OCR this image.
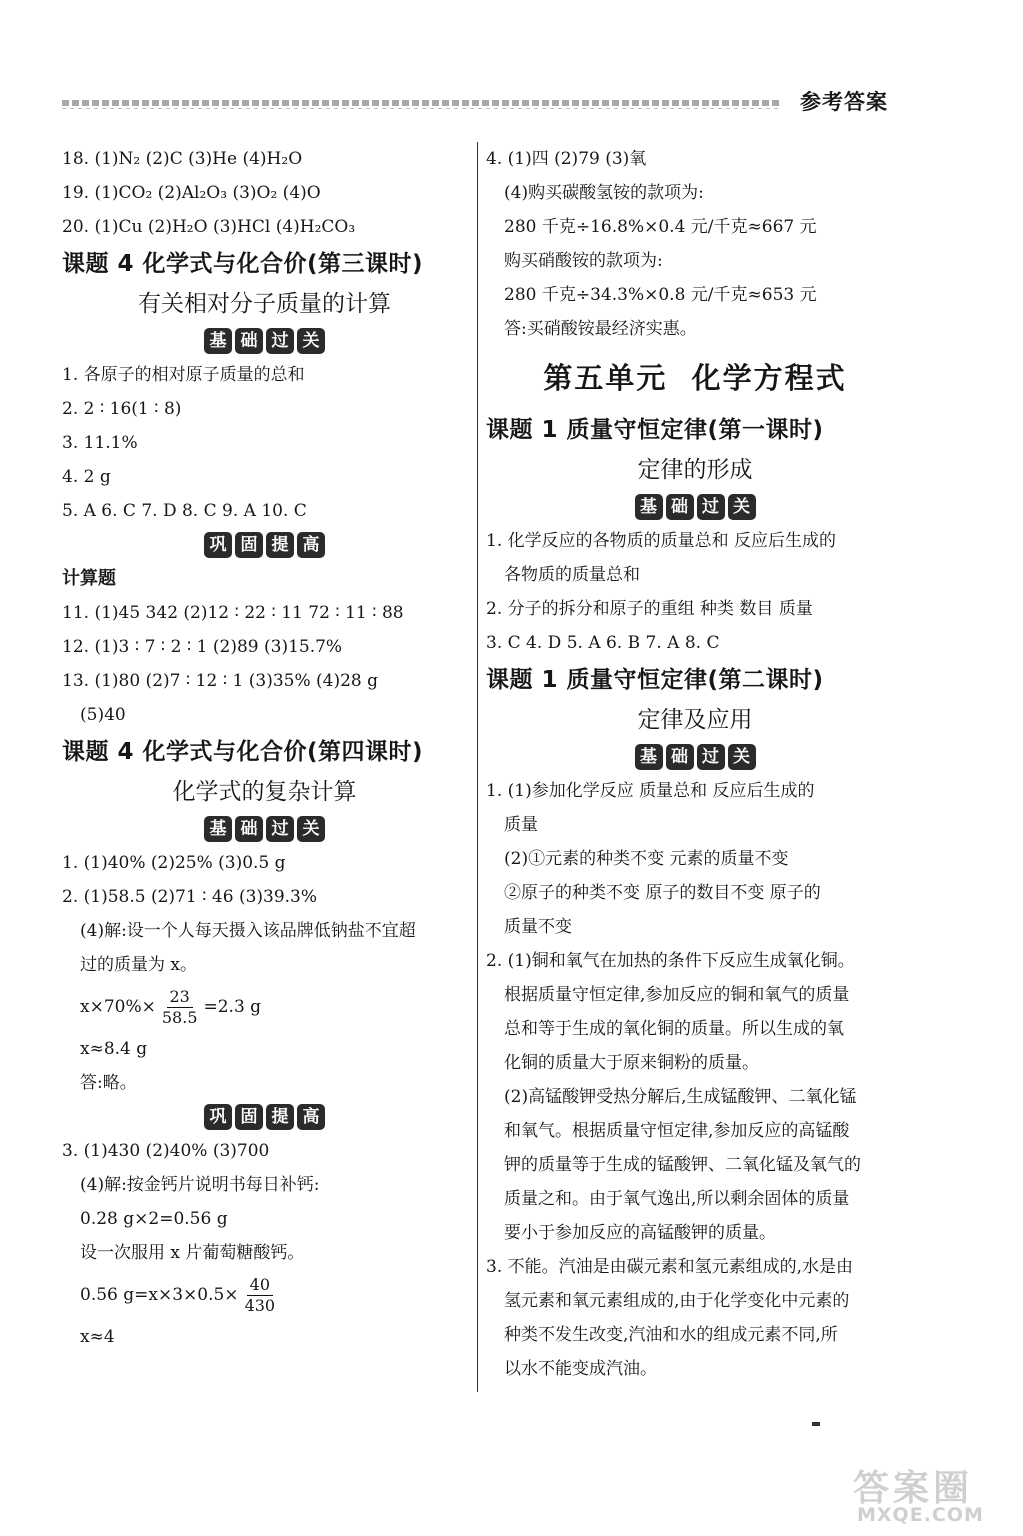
参考答案
18. (1)N₂ (2)C (3)He (4)H₂O
19. (1)CO₂ (2)Al₂O₃ (3)O₂ (4)O
20. (1)Cu (2)H₂O (3)HCl (4)H₂CO₃
课题 4 化学式与化合价(第三课时)
有关相对分子质量的计算
基 础 过 关
1. 各原子的相对原子质量的总和
2. 2 ∶ 16(1 ∶ 8)
3. 11.1%
4. 2 g
5. A 6. C 7. D 8. C 9. A 10. C
巩 固 提 高
计算题
11. (1)45 342 (2)12 ∶ 22 ∶ 11 72 ∶ 11 ∶ 88
12. (1)3 ∶ 7 ∶ 2 ∶ 1 (2)89 (3)15.7%
13. (1)80 (2)7 ∶ 12 ∶ 1 (3)35% (4)28 g
(5)40
课题 4 化学式与化合价(第四课时)
化学式的复杂计算
基 础 过 关
1. (1)40% (2)25% (3)0.5 g
2. (1)58.5 (2)71 ∶ 46 (3)39.3%
(4)解:设一个人每天摄入该品牌低钠盐不宜超
过的质量为 x。
$x\times 70\%\times \frac{23}{58.5} =2.3$ g
x≈8.4 g
答:略。
巩 固 提 高
3. (1)430 (2)40% (3)700
(4)解:按金钙片说明书每日补钙:
0.28 g×2=0.56 g
设一次服用 x 片葡萄糖酸钙。
0.56 $g=x\times 3\times 0.5\times \frac{40}{430}$
x≈4
4. (1)四 (2)79 (3)氧
(4)购买碳酸氢铵的款项为:
280 千克÷16.8%×0.4 元/千克≈667 元
购买硝酸铵的款项为:
280 千克÷34.3%×0.8 元/千克≈653 元
答:买硝酸铵最经济实惠。
第五单元  化学方程式
课题 1 质量守恒定律(第一课时)
定律的形成
基 础 过 关
1. 化学反应的各物质的质量总和 反应后生成的
各物质的质量总和
2. 分子的拆分和原子的重组 种类 数目 质量
3. C 4. D 5. A 6. B 7. A 8. C
课题 1 质量守恒定律(第二课时)
定律及应用
基 础 过 关
1. (1)参加化学反应 质量总和 反应后生成的
质量
(2)①元素的种类不变 元素的质量不变
②原子的种类不变 原子的数目不变 原子的
质量不变
2. (1)铜和氧气在加热的条件下反应生成氧化铜。
根据质量守恒定律,参加反应的铜和氧气的质量
总和等于生成的氧化铜的质量。所以生成的氧
化铜的质量大于原来铜粉的质量。
(2)高锰酸钾受热分解后,生成锰酸钾、二氧化锰
和氧气。根据质量守恒定律,参加反应的高锰酸
钾的质量等于生成的锰酸钾、二氧化锰及氧气的
质量之和。由于氧气逸出,所以剩余固体的质量
要小于参加反应的高锰酸钾的质量。
3. 不能。汽油是由碳元素和氢元素组成的,水是由
氢元素和氧元素组成的,由于化学变化中元素的
种类不发生改变,汽油和水的组成元素不同,所
以水不能变成汽油。
答案圈
MXQE.COM
